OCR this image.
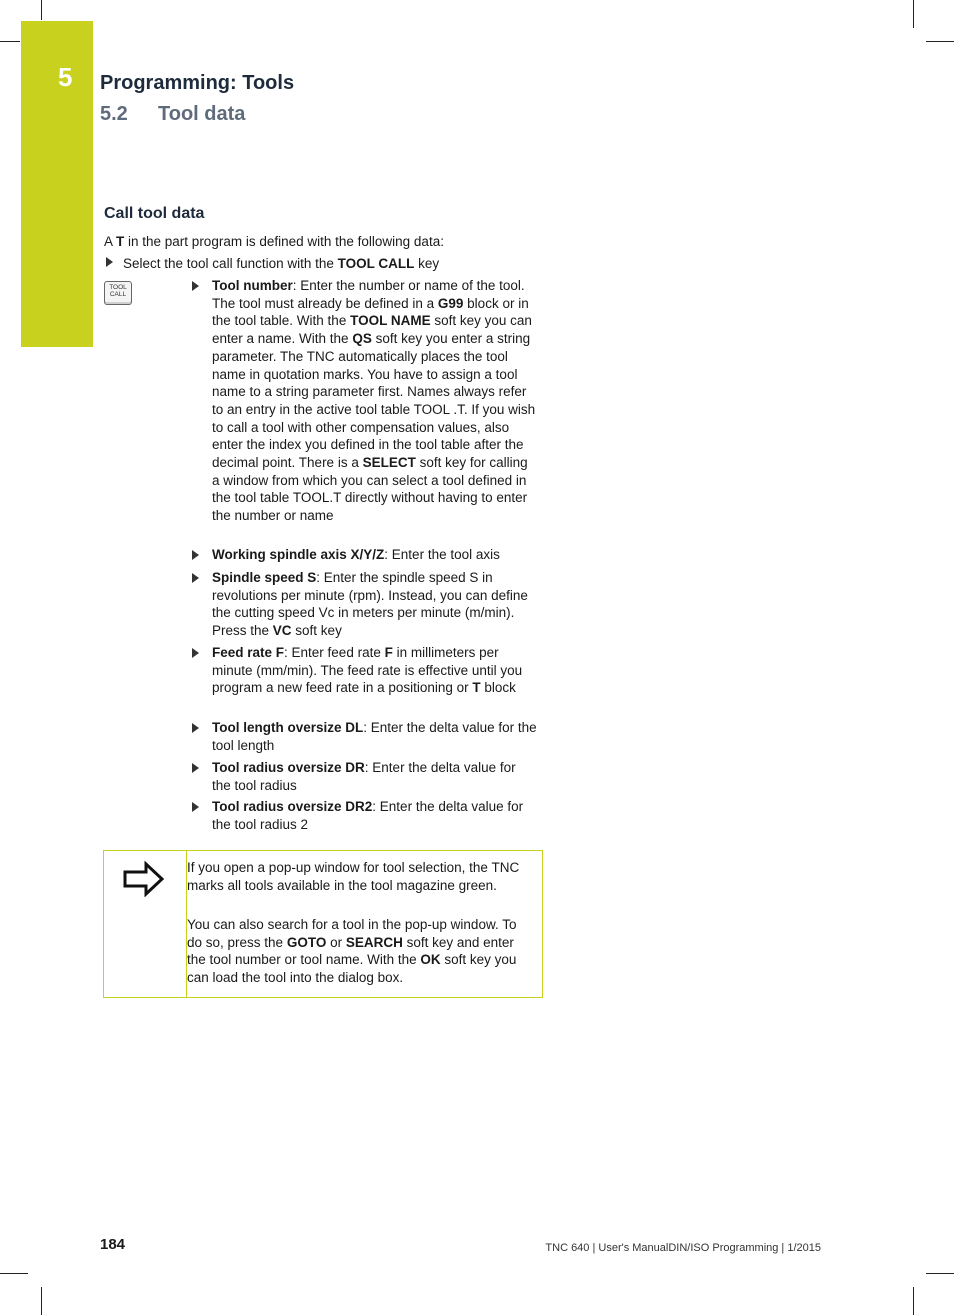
5 Programming: Tools
5.2 Tool data
Call tool data
A T in the part program is defined with the following data:
Select the tool call function with the TOOL CALL key
TOOL
CALL
Tool number: Enter the number or name of the tool. The tool must already be defined in a G99 block or in the tool table. With the TOOL NAME soft key you can enter a name. With the QS soft key you enter a string parameter. The TNC automatically places the tool name in quotation marks. You have to assign a tool name to a string parameter first. Names always refer to an entry in the active tool table TOOL .T. If you wish to call a tool with other compensation values, also enter the index you defined in the tool table after the decimal point. There is a SELECT soft key for calling a window from which you can select a tool defined in the tool table TOOL.T directly without having to enter the number or name
Working spindle axis X/Y/Z: Enter the tool axis
Spindle speed S: Enter the spindle speed S in revolutions per minute (rpm). Instead, you can define the cutting speed Vc in meters per minute (m/min). Press the VC soft key
Feed rate F: Enter feed rate F in millimeters per minute (mm/min). The feed rate is effective until you program a new feed rate in a positioning or T block
Tool length oversize DL: Enter the delta value for the tool length
Tool radius oversize DR: Enter the delta value for the tool radius
Tool radius oversize DR2: Enter the delta value for the tool radius 2
If you open a pop-up window for tool selection, the TNC marks all tools available in the tool magazine green.
You can also search for a tool in the pop-up window. To do so, press the GOTO or SEARCH soft key and enter the tool number or tool name. With the OK soft key you can load the tool into the dialog box.
184	TNC 640 | User's ManualDIN/ISO Programming | 1/2015
